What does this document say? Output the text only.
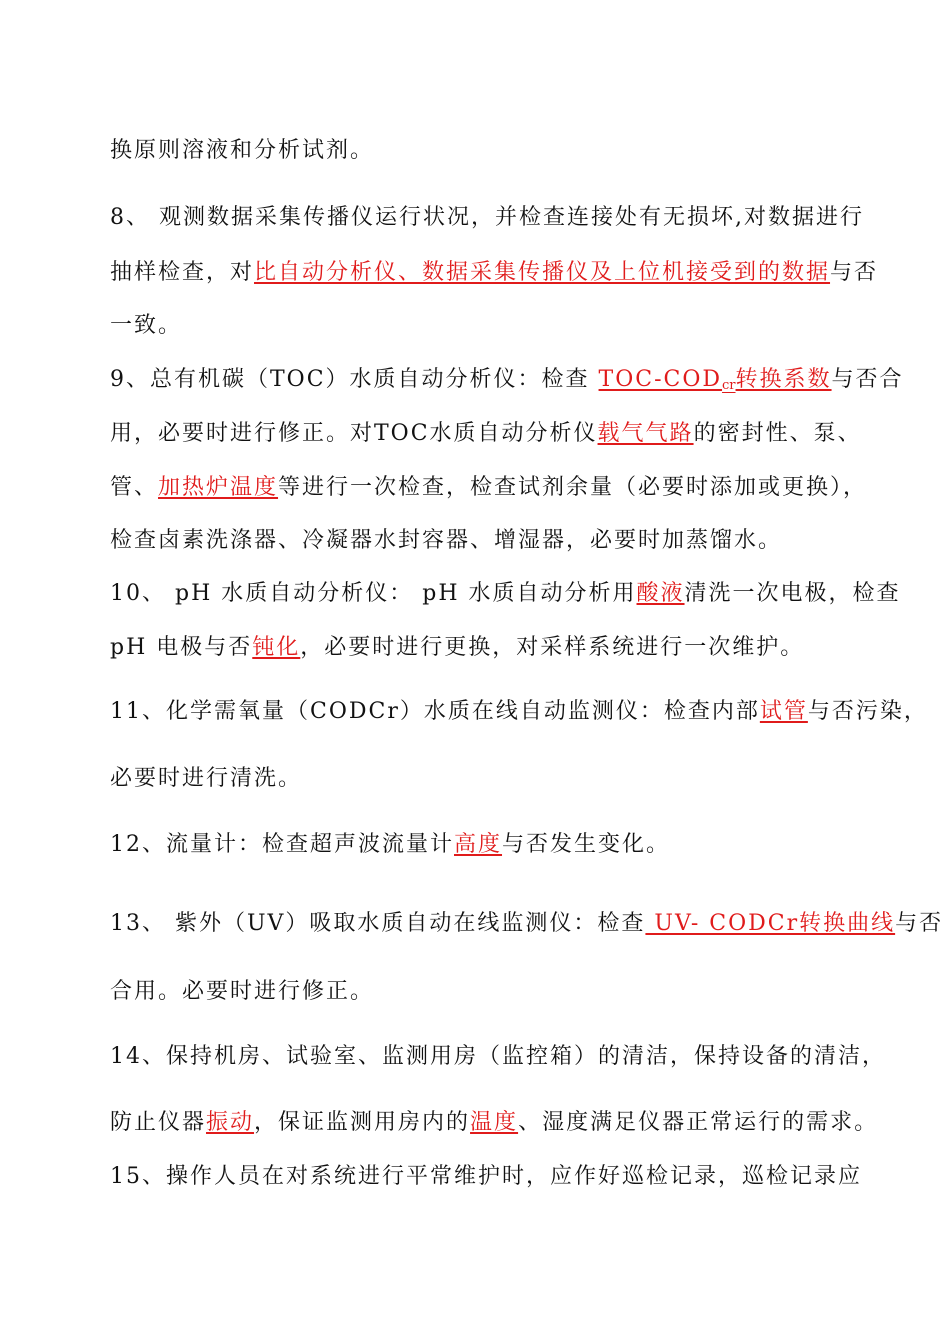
换原则溶液和分析试剂。
8、 观测数据采集传播仪运行状况，并检查连接处有无损坏,对数据进行
抽样检查，对比自动分析仪、数据采集传播仪及上位机接受到的数据与否
一致。
9、总有机碳（TOC）水质自动分析仪：检查 TOC-$COD_{cr}$转换系数与否合
用，必要时进行修正。对TOC水质自动分析仪载气气路的密封性、泵、
管、加热炉温度等进行一次检查，检查试剂余量（必要时添加或更换），
检查卤素洗涤器、冷凝器水封容器、增湿器，必要时加蒸馏水。
10、 pH 水质自动分析仪： pH 水质自动分析用酸液清洗一次电极，检查
pH 电极与否钝化，必要时进行更换，对采样系统进行一次维护。
11、化学需氧量（CODCr）水质在线自动监测仪：检查内部试管与否污染，
必要时进行清洗。
12、流量计：检查超声波流量计高度与否发生变化。
13、 紫外（UV）吸取水质自动在线监测仪：检查 UV- CODCr转换曲线与否
合用。必要时进行修正。
14、保持机房、试验室、监测用房（监控箱）的清洁，保持设备的清洁，
防止仪器振动，保证监测用房内的温度、湿度满足仪器正常运行的需求。
15、操作人员在对系统进行平常维护时，应作好巡检记录，巡检记录应
